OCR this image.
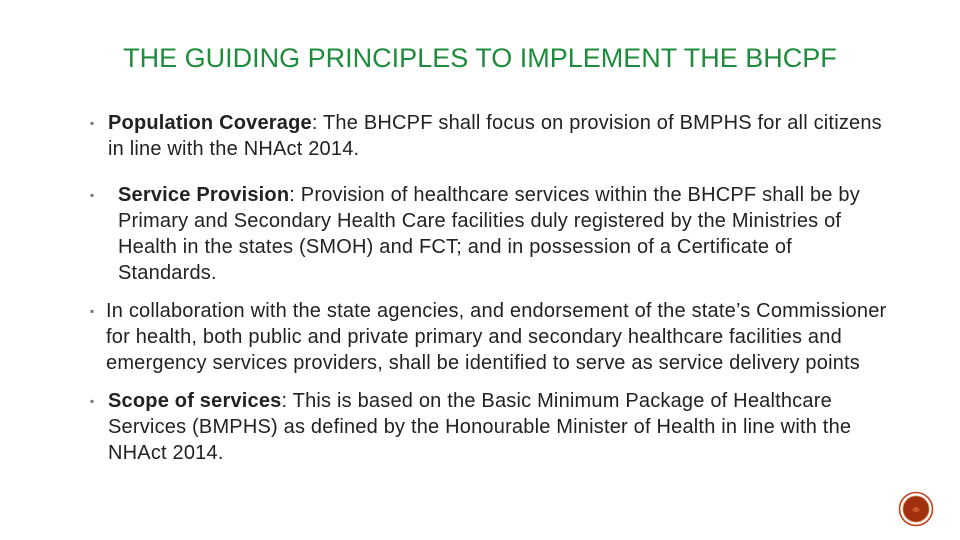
THE GUIDING PRINCIPLES TO IMPLEMENT THE BHCPF
▪ Population Coverage: The BHCPF shall focus on provision of BMPHS for all citizens in line with the NHAct 2014.
▪	Service Provision: Provision of healthcare services within the BHCPF shall be by Primary and Secondary Health Care facilities duly registered by the Ministries of Health in the states (SMOH) and FCT; and in possession of a Certificate of Standards.
▪ In collaboration with the state agencies, and endorsement of the state’s Commissioner for health, both public and private primary and secondary healthcare facilities and emergency services providers, shall be identified to serve as service delivery points
▪ Scope of services: This is based on the Basic Minimum Package of Healthcare Services (BMPHS) as defined by the Honourable Minister of Health in line with the NHAct 2014.
